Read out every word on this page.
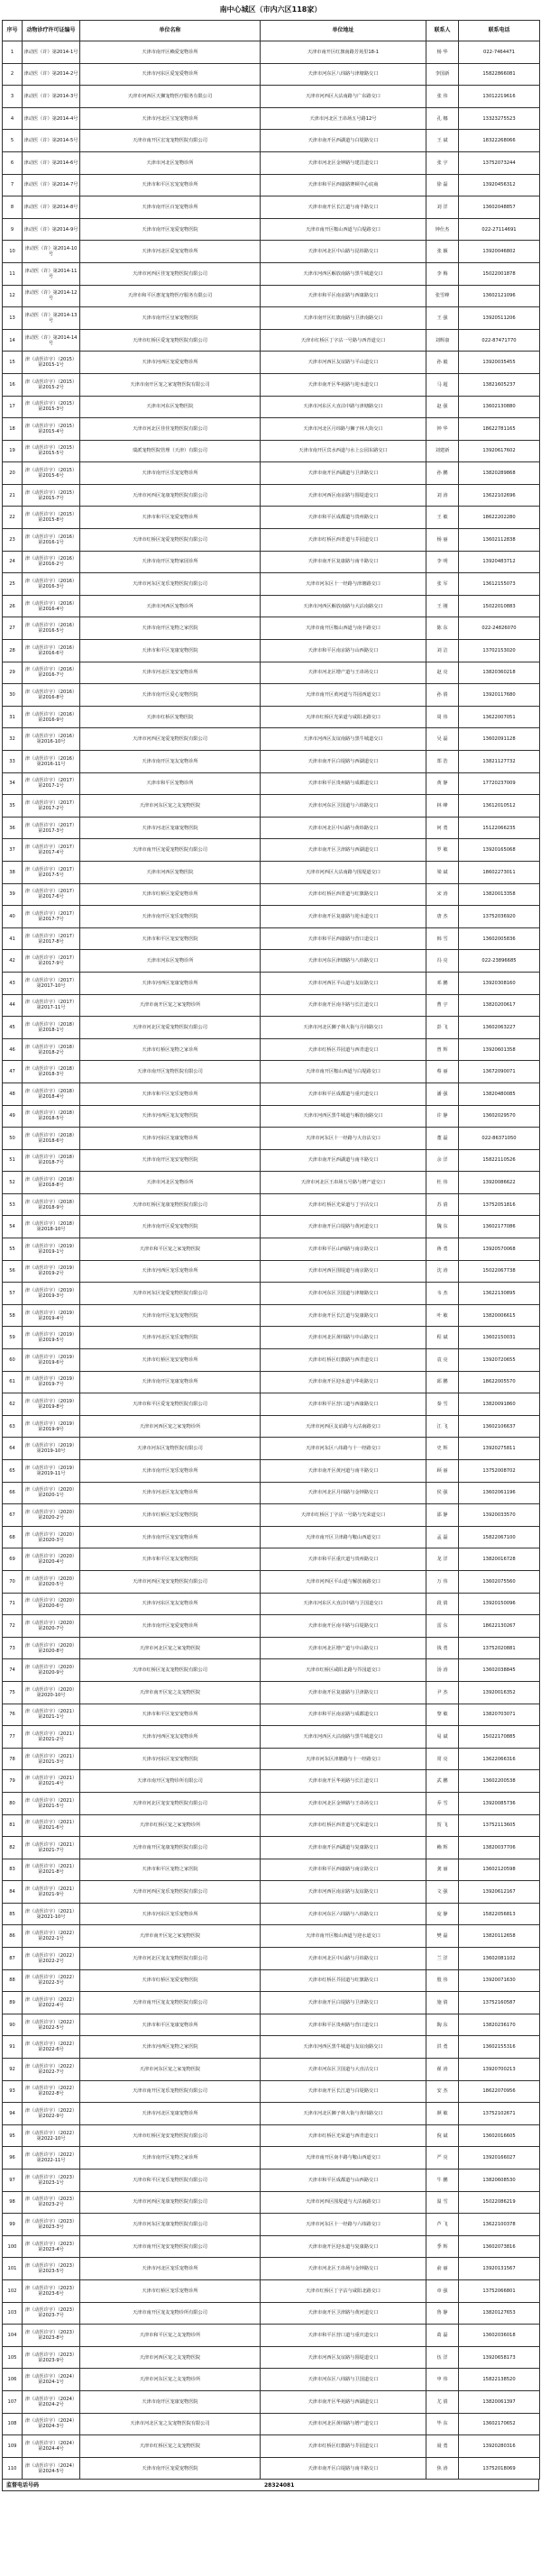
南中心城区（市内六区118家）
序号	动物诊疗许可证编号	单位名称	单位地址	联系人	联系电话
1	津动医（许）第2014-1号	天津市南开区赖爱宠物诊所	天津市南开区红旗南路芳苑里18-1	杨 华	022-7464471
2	津动医（许）第2014-2号	天津市河东区爱宠爱物诊所	天津市河东区八纬路与津塘路交口	李国新	15822866081
3	津动医（许）第2014-3号	天津市河西区天狮宠物医疗服务有限公司	天津市河西区大沽南路与广东路交口	张 伟	13012219616
4	津动医（许）第2014-4号	天津市河北区宝宠宠物诊所	天津市河北区王串场五号路12号	孔 娜	13323275523
5	津动医（许）第2014-5号	天津市南开区宏宠宠物医院有限公司	天津市南开区西湖道与白堤路交口	王 斌	18322268066
6	津动医（许）第2014-6号	天津市河北区宠物诊所	天津市河北区金钟路与建昌道交口	张 宇	13752073244
7	津动医（许）第2014-7号	天津市和平区宏宠宠物诊所	天津市和平区西康路赛顿中心底商	徐 磊	13920456312
8	津动医（许）第2014-8号	天津市南开区百宠宠物诊所	天津市南开区长江道与南丰路交口	刘 洋	13602048857
9	津动医（许）第2014-9号	天津市南开区宠爱宠物医院	天津市南开区鞍山西道与白堤路交口	钟仕杰	022-27114691
10	津动医（许）第2014-10号	天津市河北区爱宠宠物诊所	天津市河北区中山路与昆纬路交口	张 颖	13920046802
11	津动医（许）第2014-11号	天津市河西区佳宠宠物医院有限公司	天津市河西区解放南路与黑牛城道交口	李 梅	15022001878
12	津动医（许）第2014-12号	天津市和平区惠宠宠物医疗服务有限公司	天津市和平区南京路与西康路交口	张雪峰	13602121096
13	津动医（许）第2014-13号	天津市南开区皇家宠物医院	天津市南开区红旗南路与卫津南路交口	王 强	13920511206
14	津动医（许）第2014-14号	天津市红桥区爱宠宠物医院有限公司	天津市红桥区丁字沽一号路与西青道交口	刘辉康	022-87471770
15	津（动医许字）（2015）第2015-1号	天津市河西区宠爱宠物诊所	天津市河西区友谊路与平山道交口	孙 毅	13920035455
16	津（动医许字）（2015）第2015-2号	天津市南开区宠之家宠物医院有限公司	天津市南开区华苑路与迎水道交口	马 超	13821605237
17	津（动医许字）（2015）第2015-3号	天津市河东区宠物医院	天津市河东区大直沽中路与津塘路交口	赵 强	13602130880
18	津（动医许字）（2015）第2015-4号	天津市河北区佳佳宠物医院有限公司	天津市河北区月纬路与狮子林大街交口	钟 华	18622781165
19	津（动医许字）（2015）第2015-5号	瑞派宠物医院管理（天津）有限公司	天津市南开区宾水西道与水上公园东路交口	刘建新	13920617602
20	津（动医许字）（2015）第2015-6号	天津市南开区乐宠宠物诊所	天津市南开区西湖道与卫津路交口	孙 鹏	13820289868
21	津（动医许字）（2015）第2015-7号	天津市河西区宠康宠物医院有限公司	天津市河西区南京路与围堤道交口	刘 涛	13622102696
22	津（动医许字）（2015）第2015-8号	天津市和平区宠爱宠物诊所	天津市和平区成都道与贵州路交口	王 敏	18622202280
23	津（动医许字）（2016）第2016-1号	天津市红桥区宠爱宠物医院有限公司	天津市红桥区西青道与芥园道交口	杨 丽	13602112838
24	津（动医许字）（2016）第2016-2号	天津市南开区宠物家园诊所	天津市南开区复康路与南丰路交口	李 明	13920483712
25	津（动医许字）（2016）第2016-3号	天津市河东区宠乐宠物医院有限公司	天津市河东区十一经路与津塘路交口	张 军	13612155073
26	津（动医许字）（2016）第2016-4号	天津市河西区宠物诊所	天津市河西区解放南路与大沽南路交口	王 刚	15022010883
27	津（动医许字）（2016）第2016-5号	天津市南开区宠物之家医院	天津市南开区鞍山西道与南丰路交口	陈 东	022-24826070
28	津（动医许字）（2016）第2016-6号	天津市和平区宠康宠物医院	天津市和平区南京路与山西路交口	刘 洁	13702153020
29	津（动医许字）（2016）第2016-7号	天津市河北区宠安宠物诊所	天津市河北区增产道与王串场交口	赵 亮	13820360218
30	津（动医许字）（2016）第2016-8号	天津市南开区爱心宠物医院	天津市南开区黄河道与芥园西道交口	孙 倩	13920117680
31	津（动医许字）（2016）第2016-9号	天津市红桥区宠物医院	天津市红桥区光荣道与咸阳北路交口	周 伟	13622007051
32	津（动医许字）（2016）第2016-10号	天津市河西区宠爱宠物医院有限公司	天津市河西区友谊南路与黑牛城道交口	吴 磊	13602091128
33	津（动医许字）（2016）第2016-11号	天津市南开区宠友宠物诊所	天津市南开区白堤路与西湖道交口	郑 浩	13821127732
34	津（动医许字）（2017）第2017-1号	天津市和平区宠物诊所	天津市和平区贵州路与成都道交口	黄 静	17720237009
35	津（动医许字）（2017）第2017-2号	天津市河东区宠之友宠物医院	天津市河东区卫国道与六纬路交口	林 峰	13612010512
36	津（动医许字）（2017）第2017-3号	天津市河北区宠康宠物医院	天津市河北区中山路与黄纬路交口	何 勇	15122066235
37	津（动医许字）（2017）第2017-4号	天津市南开区宠爱宠物医院有限公司	天津市南开区卫津路与西湖道交口	罗 敏	13920165068
38	津（动医许字）（2017）第2017-5号	天津市河西区宠物医院	天津市河西区大沽南路与围堤道交口	梁 斌	18602273011
39	津（动医许字）（2017）第2017-6号	天津市红桥区宠爱宠物诊所	天津市红桥区西青道与红旗路交口	宋 涛	13820013358
40	津（动医许字）（2017）第2017-7号	天津市南开区宠乐宠物医院	天津市南开区复康路与迎水道交口	唐 杰	13752036920
41	津（动医许字）（2017）第2017-8号	天津市和平区宠安宠物医院	天津市和平区西康路与营口道交口	韩 雪	13602005836
42	津（动医许字）（2017）第2017-9号	天津市河东区宠物诊所	天津市河东区津塘路与八纬路交口	冯 亮	022-23896685
43	津（动医许字）（2017）第2017-10号	天津市河西区宠康宠物诊所	天津市河西区平山道与友谊路交口	邓 鹏	13920308160
44	津（动医许字）（2017）第2017-11号	天津市南开区宠之家宠物诊所	天津市南开区南丰路与长江道交口	曹 宇	13820200617
45	津（动医许字）（2018）第2018-1号	天津市河北区宠爱宠物医院有限公司	天津市河北区狮子林大街与月纬路交口	彭 飞	13602063227
46	津（动医许字）（2018）第2018-2号	天津市红桥区宠物之家诊所	天津市红桥区芥园道与西青道交口	曾 辉	13920601358
47	津（动医许字）（2018）第2018-3号	天津市南开区宠物医院有限公司	天津市南开区鞍山西道与白堤路交口	蔡 丽	13672090071
48	津（动医许字）（2018）第2018-4号	天津市和平区宠乐宠物诊所	天津市和平区成都道与重庆道交口	潘 强	13820480085
49	津（动医许字）（2018）第2018-5号	天津市河西区宠友宠物医院	天津市河西区黑牛城道与解放南路交口	许 静	13602029570
50	津（动医许字）（2018）第2018-6号	天津市河东区宠康宠物诊所	天津市河东区十一经路与大直沽交口	董 磊	022-86371050
51	津（动医许字）（2018）第2018-7号	天津市南开区宠安宠物医院	天津市南开区西湖道与南丰路交口	余 洋	15822110526
52	津（动医许字）（2018）第2018-8号	天津市河北区宠物诊所	天津市河北区王串场五号路与增产道交口	杜 伟	13920086622
53	津（动医许字）（2018）第2018-9号	天津市红桥区宠康宠物医院有限公司	天津市红桥区光荣道与丁字沽交口	苏 倩	13752051816
54	津（动医许字）（2018）第2018-10号	天津市南开区爱宠宠物医院	天津市南开区白堤路与黄河道交口	魏 东	13602177086
55	津（动医许字）（2019）第2019-1号	天津市和平区宠之家宠物医院	天津市和平区山西路与南京路交口	蒋 勇	13920570068
56	津（动医许字）（2019）第2019-2号	天津市河西区宠乐宠物诊所	天津市河西区围堤道与南京路交口	沈 涛	15022067738
57	津（动医许字）（2019）第2019-3号	天津市河东区宠爱宠物医院有限公司	天津市河东区卫国道与津塘路交口	韦 杰	13622130895
58	津（动医许字）（2019）第2019-4号	天津市南开区宠友宠物医院	天津市南开区长江道与复康路交口	叶 敏	13820006615
59	津（动医许字）（2019）第2019-5号	天津市河北区宠乐宠物医院	天津市河北区黄纬路与中山路交口	程 斌	13602150031
60	津（动医许字）（2019）第2019-6号	天津市红桥区宠安宠物诊所	天津市红桥区红旗路与西青道交口	袁 亮	13920720655
61	津（动医许字）（2019）第2019-7号	天津市南开区宠康宠物诊所	天津市南开区迎水道与华苑路交口	邱 鹏	18622005570
62	津（动医许字）（2019）第2019-8号	天津市和平区爱宠宠物医院有限公司	天津市和平区营口道与西康路交口	秦 雪	13820091860
63	津（动医许字）（2019）第2019-9号	天津市河西区宠之家宠物诊所	天津市河西区友谊路与大沽南路交口	江 飞	13602106637
64	津（动医许字）（2019）第2019-10号	天津市河东区宠物医院有限公司	天津市河东区八纬路与十一经路交口	史 辉	13920275811
65	津（动医许字）（2019）第2019-11号	天津市南开区宠乐宠物诊所	天津市南开区黄河道与南丰路交口	顾 丽	13752008702
66	津（动医许字）（2020）第2020-1号	天津市河北区宠友宠物诊所	天津市河北区月纬路与金钟路交口	侯 强	13602061196
67	津（动医许字）（2020）第2020-2号	天津市红桥区宠乐宠物医院	天津市红桥区丁字沽一号路与光荣道交口	邵 静	13920033570
68	津（动医许字）（2020）第2020-3号	天津市南开区宠安宠物诊所	天津市南开区卫津路与鞍山西道交口	孟 磊	15822067100
69	津（动医许字）（2020）第2020-4号	天津市和平区宠友宠物医院	天津市和平区重庆道与贵州路交口	龙 洋	13820016728
70	津（动医许字）（2020）第2020-5号	天津市河西区宠安宠物医院有限公司	天津市河西区平山道与解放南路交口	万 伟	13602075560
71	津（动医许字）（2020）第2020-6号	天津市河东区宠友宠物诊所	天津市河东区大直沽中路与卫国道交口	段 倩	13920150096
72	津（动医许字）（2020）第2020-7号	天津市南开区宠爱宠物诊所	天津市南开区南丰路与白堤路交口	雷 东	18622130267
73	津（动医许字）（2020）第2020-8号	天津市河北区宠之家宠物医院	天津市河北区增产道与中山路交口	钱 勇	13752020881
74	津（动医许字）（2020）第2020-9号	天津市红桥区宠友宠物医院有限公司	天津市红桥区咸阳北路与芥园道交口	汤 涛	13602038845
75	津（动医许字）（2020）第2020-10号	天津市南开区宠之友宠物医院	天津市南开区复康路与卫津路交口	尹 杰	13920016352
76	津（动医许字）（2021）第2021-1号	天津市和平区宠安宠物诊所	天津市和平区南京路与成都道交口	黎 敏	13820703071
77	津（动医许字）（2021）第2021-2号	天津市河西区宠友宠物诊所	天津市河西区大沽南路与黑牛城道交口	易 斌	15022170885
78	津（动医许字）（2021）第2021-3号	天津市河东区宠安宠物医院	天津市河东区津塘路与十一经路交口	常 亮	13622066316
79	津（动医许字）（2021）第2021-4号	天津市南开区宠物诊所有限公司	天津市南开区华苑路与长江道交口	武 鹏	13602200538
80	津（动医许字）（2021）第2021-5号	天津市河北区宠安宠物医院有限公司	天津市河北区金钟路与王串场交口	乔 雪	13920085736
81	津（动医许字）（2021）第2021-6号	天津市红桥区宠之家宠物诊所	天津市红桥区西青道与光荣道交口	贺 飞	13752113605
82	津（动医许字）（2021）第2021-7号	天津市南开区宠康宠物医院有限公司	天津市南开区西湖道与复康路交口	赖 辉	13820037706
83	津（动医许字）（2021）第2021-8号	天津市和平区宠物之家医院	天津市和平区西康路与南京路交口	龚 丽	13602120598
84	津（动医许字）（2021）第2021-9号	天津市河西区宠乐宠物医院有限公司	天津市河西区南京路与友谊路交口	文 强	13920612167
85	津（动医许字）（2021）第2021-10号	天津市河东区宠乐宠物诊所	天津市河东区六纬路与八纬路交口	庞 静	15822056813
86	津（动医许字）（2022）第2022-1号	天津市南开区宠之家宠物医院	天津市南开区鞍山西道与迎水道交口	樊 磊	13820112658
87	津（动医许字）（2022）第2022-2号	天津市河北区宠友宠物医院有限公司	天津市河北区中山路与月纬路交口	兰 洋	13602081102
88	津（动医许字）（2022）第2022-3号	天津市红桥区宠爱宠物医院	天津市红桥区芥园道与红旗路交口	殷 伟	13920071630
89	津（动医许字）（2022）第2022-4号	天津市南开区宠友宠物医院有限公司	天津市南开区白堤路与卫津路交口	施 倩	13752160587
90	津（动医许字）（2022）第2022-5号	天津市和平区宠康宠物诊所	天津市和平区贵州路与营口道交口	陶 东	13820236170
91	津（动医许字）（2022）第2022-6号	天津市河西区宠物之家医院	天津市河西区黑牛城道与友谊南路交口	洪 勇	13602155316
92	津（动医许字）（2022）第2022-7号	天津市河东区宠之家宠物医院	天津市河东区卫国道与大直沽交口	翟 涛	13920700213
93	津（动医许字）（2022）第2022-8号	天津市南开区宠乐宠物医院有限公司	天津市南开区长江道与白堤路交口	安 杰	18622070956
94	津（动医许字）（2022）第2022-9号	天津市河北区宠康宠物诊所	天津市河北区狮子林大街与黄纬路交口	颜 敏	13752102671
95	津（动医许字）（2022）第2022-10号	天津市红桥区宠安宠物医院有限公司	天津市红桥区光荣道与西青道交口	倪 斌	13602016605
96	津（动医许字）（2022）第2022-11号	天津市南开区宠物之家诊所	天津市南开区南丰路与鞍山西道交口	严 亮	13920166027
97	津（动医许字）（2023）第2023-1号	天津市和平区宠乐宠物医院有限公司	天津市和平区成都道与山西路交口	牛 鹏	13820608530
98	津（动医许字）（2023）第2023-2号	天津市河西区宠康宠物医院有限公司	天津市河西区围堤道与大沽南路交口	温 雪	15022086219
99	津（动医许字）（2023）第2023-3号	天津市河东区宠康宠物医院有限公司	天津市河东区十一经路与六纬路交口	芦 飞	13622100378
100	津（动医许字）（2023）第2023-4号	天津市南开区宠安宠物医院有限公司	天津市南开区迎水道与复康路交口	季 辉	13602073816
101	津（动医许字）（2023）第2023-5号	天津市河北区宠乐宠物诊所	天津市河北区王串场与金钟路交口	俞 丽	13920131567
102	津（动医许字）（2023）第2023-6号	天津市红桥区宠乐宠物诊所	天津市红桥区丁字沽与咸阳北路交口	章 强	13752066801
103	津（动医许字）（2023）第2023-7号	天津市南开区宠友宠物诊所有限公司	天津市南开区卫津路与黄河道交口	鲁 静	13820127653
104	津（动医许字）（2023）第2023-8号	天津市和平区宠之友宠物诊所	天津市和平区营口道与重庆道交口	葛 磊	13602036018
105	津（动医许字）（2023）第2023-9号	天津市河西区宠之友宠物医院	天津市河西区友谊路与围堤道交口	伍 洋	13920658173
106	津（动医许字）（2024）第2024-1号	天津市河东区宠之友宠物诊所	天津市河东区八纬路与卫国道交口	申 伟	15822138520
107	津（动医许字）（2024）第2024-2号	天津市南开区宠康宠物医院	天津市南开区华苑路与西湖道交口	尤 倩	13820061397
108	津（动医许字）（2024）第2024-3号	天津市河北区宠之友宠物医院有限公司	天津市河北区黄纬路与增产道交口	毕 东	13602170652
109	津（动医许字）（2024）第2024-4号	天津市红桥区宠之友宠物医院	天津市红桥区红旗路与芥园道交口	聂 勇	13920280316
110	津（动医许字）（2024）第2024-5号	天津市南开区宠爱宠物医院	天津市南开区白堤路与南丰路交口	焦 涛	13752018069
监督电话号码	28324081
